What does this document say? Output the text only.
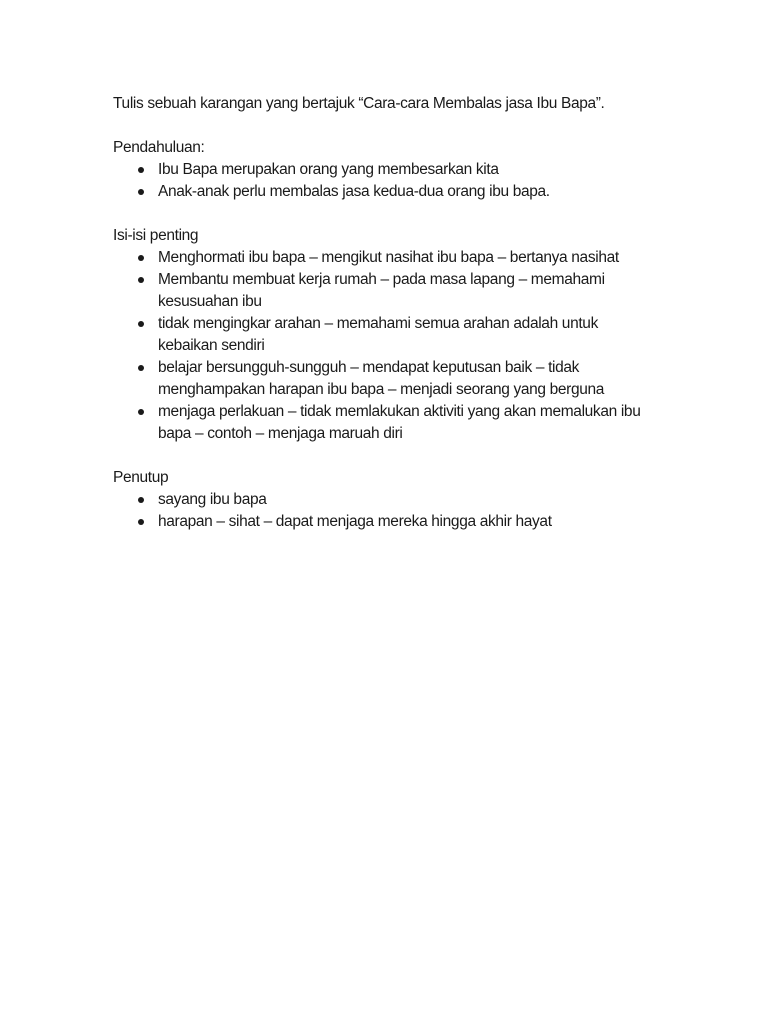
Tulis sebuah karangan yang bertajuk “Cara-cara Membalas jasa Ibu Bapa”.

Pendahuluan:

Ibu Bapa merupakan orang yang membesarkan kita
Anak-anak perlu membalas jasa kedua-dua orang ibu bapa.

Isi-isi penting

Menghormati ibu bapa – mengikut nasihat ibu bapa – bertanya nasihat
Membantu membuat kerja rumah – pada masa lapang – memahami kesusuahan ibu
tidak mengingkar arahan – memahami semua arahan adalah untuk kebaikan sendiri
belajar bersungguh-sungguh – mendapat keputusan baik – tidak menghampakan harapan ibu bapa – menjadi seorang yang berguna
menjaga perlakuan – tidak memlakukan aktiviti yang akan memalukan ibu bapa – contoh – menjaga maruah diri

Penutup

sayang ibu bapa
harapan – sihat – dapat menjaga mereka hingga akhir hayat
